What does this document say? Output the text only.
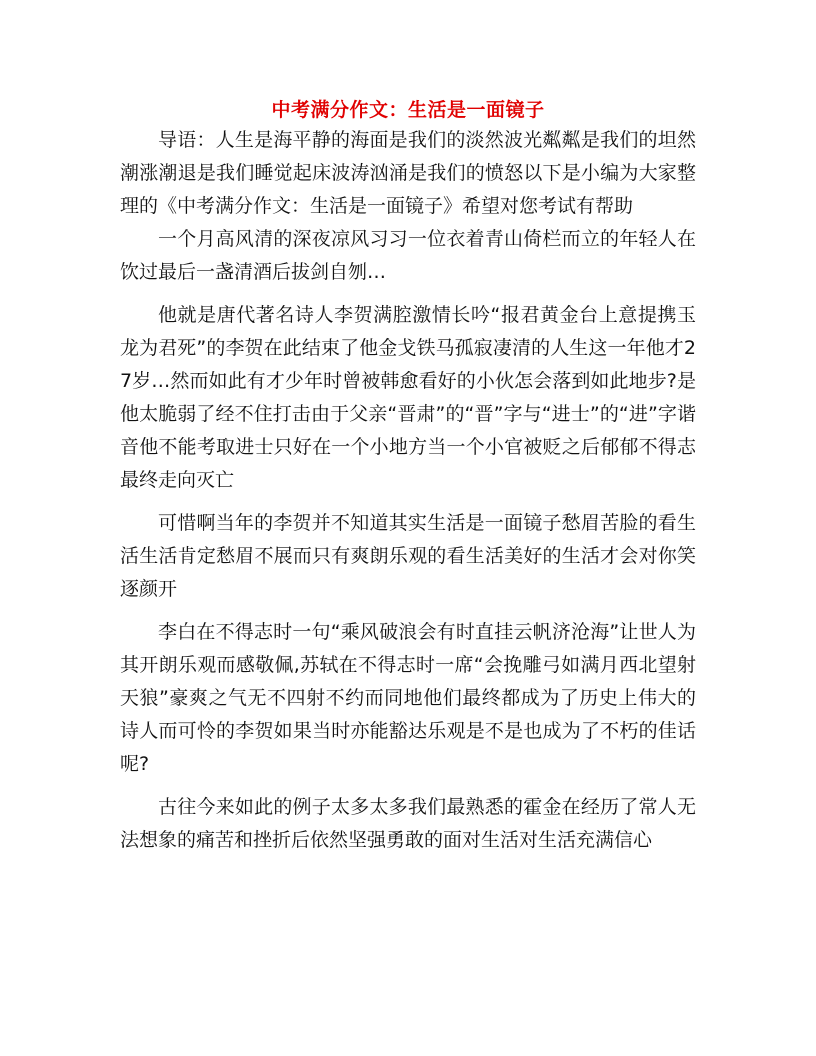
中考满分作文：生活是一面镜子

导语：人生是海平静的海面是我们的淡然波光粼粼是我们的坦然潮涨潮退是我们睡觉起床波涛汹涌是我们的愤怒以下是小编为大家整理的《中考满分作文：生活是一面镜子》希望对您考试有帮助

一个月高风清的深夜凉风习习一位衣着青山倚栏而立的年轻人在饮过最后一盏清酒后拔剑自刎…

他就是唐代著名诗人李贺满腔激情长吟“报君黄金台上意提携玉龙为君死”的李贺在此结束了他金戈铁马孤寂凄清的人生这一年他才27岁…然而如此有才少年时曾被韩愈看好的小伙怎会落到如此地步?是他太脆弱了经不住打击由于父亲“晋肃”的“晋”字与“进士”的“进”字谐音他不能考取进士只好在一个小地方当一个小官被贬之后郁郁不得志最终走向灭亡

可惜啊当年的李贺并不知道其实生活是一面镜子愁眉苦脸的看生活生活肯定愁眉不展而只有爽朗乐观的看生活美好的生活才会对你笑逐颜开

李白在不得志时一句“乘风破浪会有时直挂云帆济沧海”让世人为其开朗乐观而感敬佩,苏轼在不得志时一席“会挽雕弓如满月西北望射天狼”豪爽之气无不四射不约而同地他们最终都成为了历史上伟大的诗人而可怜的李贺如果当时亦能豁达乐观是不是也成为了不朽的佳话呢?

古往今来如此的例子太多太多我们最熟悉的霍金在经历了常人无法想象的痛苦和挫折后依然坚强勇敢的面对生活对生活充满信心
